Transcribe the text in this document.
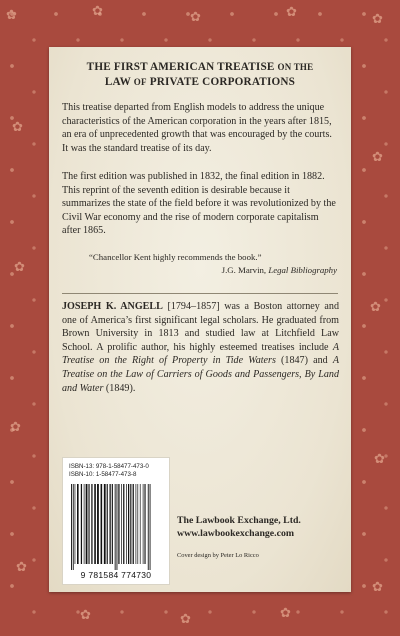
✿	✿	✿	✿	✿
✿
✿
✿
✿
✿
✿
✿
✿
✿	✿	✿
THE FIRST AMERICAN TREATISE ON THE
LAW OF PRIVATE CORPORATIONS

This treatise departed from English models to address the unique characteristics of the American corporation in the years after 1815, an era of unprecedented growth that was encouraged by the courts. It was the standard treatise of its day.

The first edition was published in 1832, the final edition in 1882. This reprint of the seventh edition is desirable because it summarizes the state of the field before it was revolutionized by the Civil War economy and the rise of modern corporate capitalism after 1865.

“Chancellor Kent highly recommends the book.”
J.G. Marvin, Legal Bibliography

JOSEPH K. ANGELL [1794–1857] was a Boston attorney and one of America’s first significant legal scholars. He graduated from Brown University in 1813 and studied law at Litchfield Law School. A prolific author, his highly esteemed treatises include A Treatise on the Right of Property in Tide Waters (1847) and A Treatise on the Law of Carriers of Goods and Passengers, By Land and Water (1849).

ISBN-13: 978-1-58477-473-0
ISBN-10: 1-58477-473-8
9 781584 774730
The Lawbook Exchange, Ltd.
www.lawbookexchange.com
Cover design by Peter Lo Ricco
